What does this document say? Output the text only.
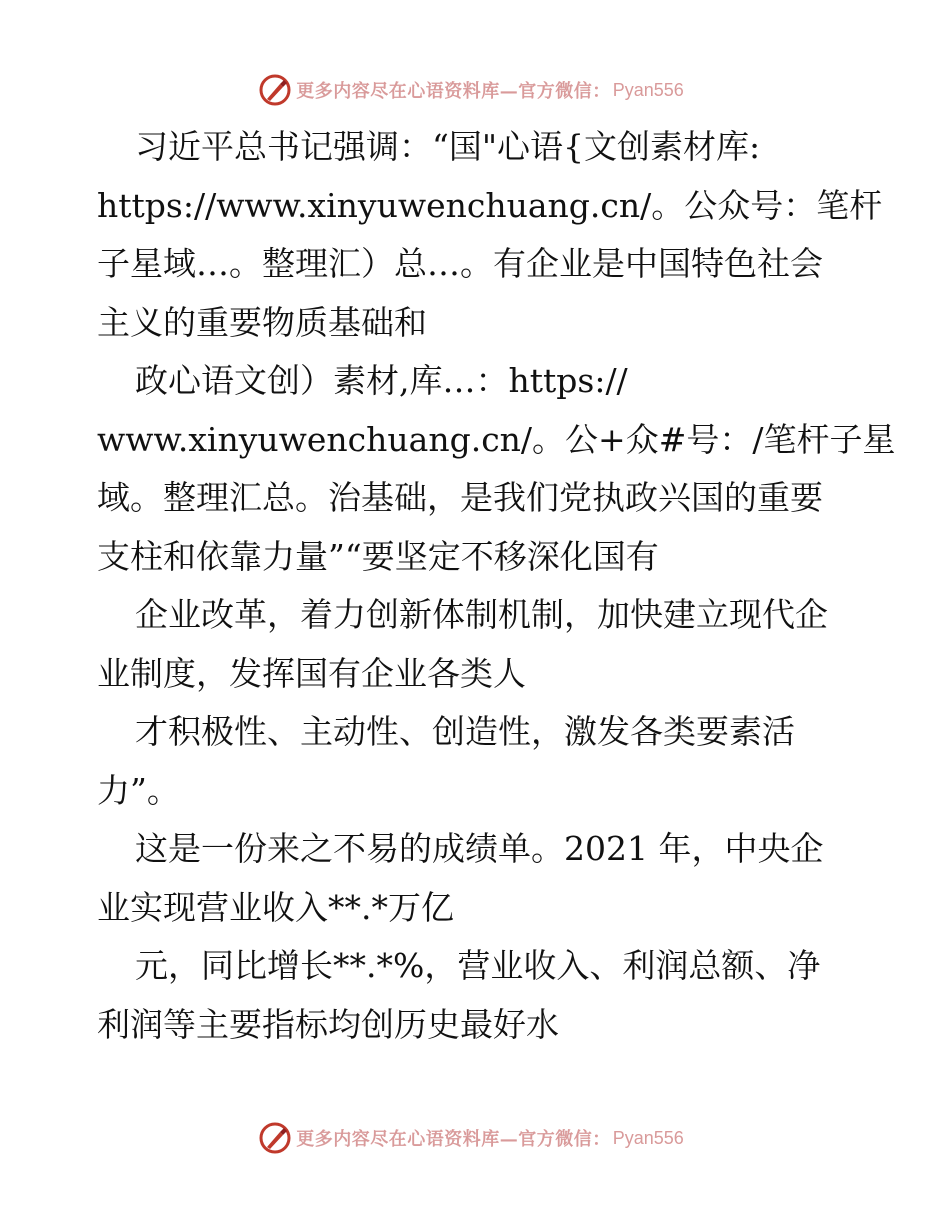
更多内容尽在心语资料库—官方微信： Pyan556

习近平总书记强调：“国"心语{文创素材库:

https://www.xinyuwenchuang.cn/。公众号：笔杆

子星域…。整理汇）总…。有企业是中国特色社会

主义的重要物质基础和

政心语文创）素材,库…：https://

www.xinyuwenchuang.cn/。公+众#号：/笔杆子星

域。整理汇总。治基础，是我们党执政兴国的重要

支柱和依靠力量”“要坚定不移深化国有

企业改革，着力创新体制机制，加快建立现代企

业制度，发挥国有企业各类人

才积极性、主动性、创造性，激发各类要素活

力”。

这是一份来之不易的成绩单。2021 年，中央企

业实现营业收入**.*万亿

元，同比增长**.*%，营业收入、利润总额、净

利润等主要指标均创历史最好水

更多内容尽在心语资料库—官方微信： Pyan556
